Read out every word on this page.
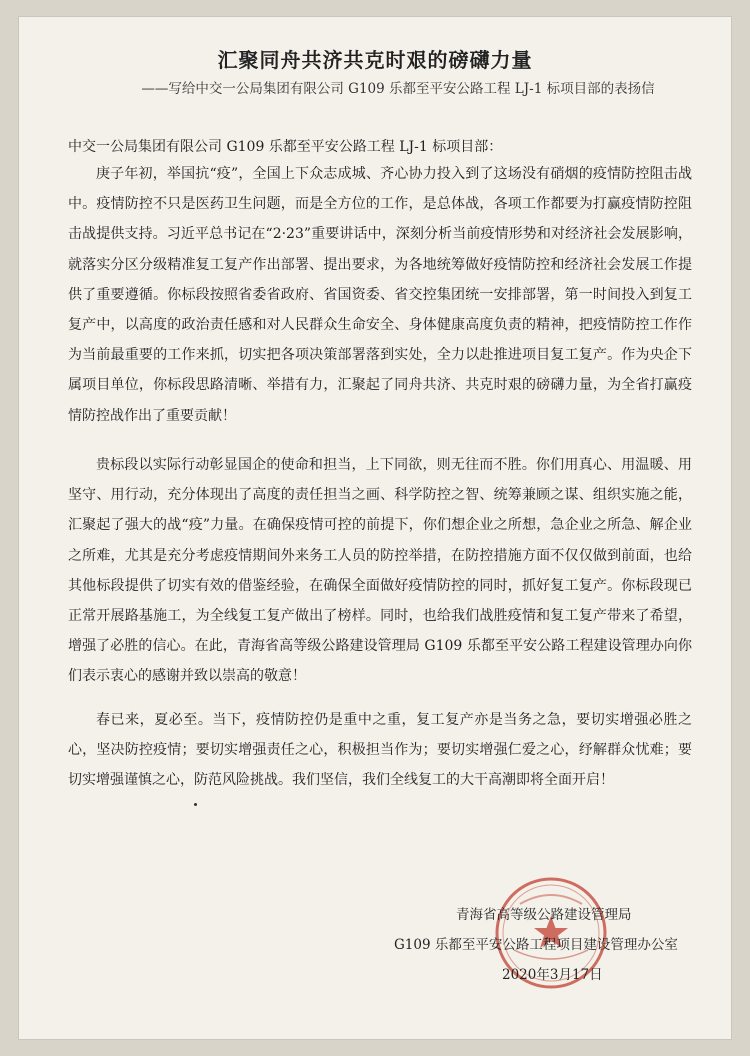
汇聚同舟共济共克时艰的磅礴力量
——写给中交一公局集团有限公司 G109 乐都至平安公路工程 LJ-1 标项目部的表扬信
中交一公局集团有限公司 G109 乐都至平安公路工程 LJ-1 标项目部：

庚子年初，举国抗“疫”，全国上下众志成城、齐心协力投入到了这场没有硝烟的疫情防控阻击战中。疫情防控不只是医药卫生问题，而是全方位的工作，是总体战，各项工作都要为打赢疫情防控阻击战提供支持。习近平总书记在“2·23”重要讲话中，深刻分析当前疫情形势和对经济社会发展影响，就落实分区分级精准复工复产作出部署、提出要求，为各地统筹做好疫情防控和经济社会发展工作提供了重要遵循。你标段按照省委省政府、省国资委、省交控集团统一安排部署，第一时间投入到复工复产中，以高度的政治责任感和对人民群众生命安全、身体健康高度负责的精神，把疫情防控工作作为当前最重要的工作来抓，切实把各项决策部署落到实处，全力以赴推进项目复工复产。作为央企下属项目单位，你标段思路清晰、举措有力，汇聚起了同舟共济、共克时艰的磅礴力量，为全省打赢疫情防控战作出了重要贡献！

贵标段以实际行动彰显国企的使命和担当，上下同欲，则无往而不胜。你们用真心、用温暖、用坚守、用行动，充分体现出了高度的责任担当之画、科学防控之智、统筹兼顾之谋、组织实施之能，汇聚起了强大的战“疫”力量。在确保疫情可控的前提下，你们想企业之所想，急企业之所急、解企业之所难，尤其是充分考虑疫情期间外来务工人员的防控举措，在防控措施方面不仅仅做到前面，也给其他标段提供了切实有效的借鉴经验，在确保全面做好疫情防控的同时，抓好复工复产。你标段现已正常开展路基施工，为全线复工复产做出了榜样。同时，也给我们战胜疫情和复工复产带来了希望，增强了必胜的信心。在此，青海省高等级公路建设管理局 G109 乐都至平安公路工程建设管理办向你们表示衷心的感谢并致以崇高的敬意！

春已来，夏必至。当下，疫情防控仍是重中之重，复工复产亦是当务之急，要切实增强必胜之心，坚决防控疫情；要切实增强责任之心，积极担当作为；要切实增强仁爱之心，纾解群众忧难；要切实增强谨慎之心，防范风险挑战。我们坚信，我们全线复工的大干高潮即将全面开启！

青海省高等级公路建设管理局
G109 乐都至平安公路工程项目建设管理办公室
2020年3月17日
